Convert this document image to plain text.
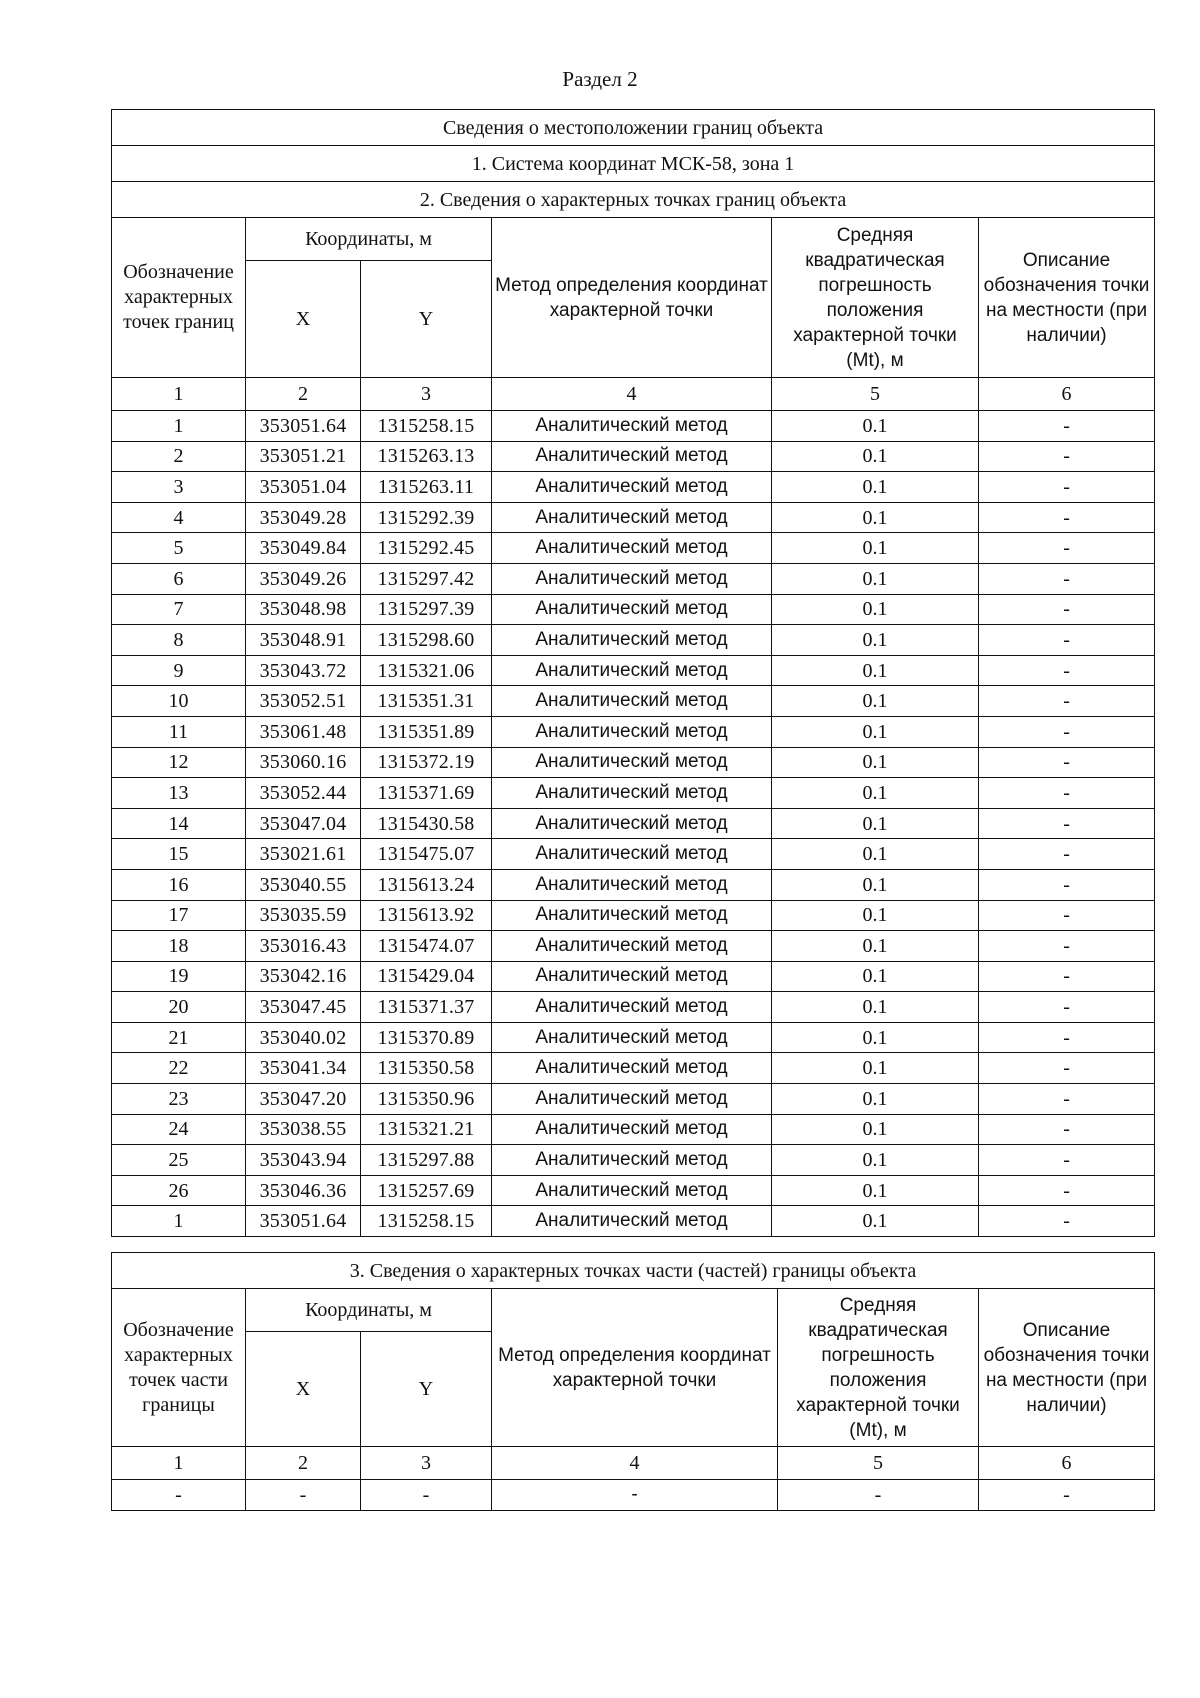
Раздел 2
Сведения о местоположении границ объекта					
1. Система координат МСК-58, зона 1					
2. Сведения о характерных точках границ объекта					
Обозначение характерных точек границ	Координаты, м		Метод определения координат характерной точки	Средняя квадратическая погрешность положения характерной точки (Mt), м	Описание обозначения точки на местности (при наличии)
	X	Y			
1	2	3	4	5	6
1	353051.64	1315258.15	Аналитический метод	0.1	-
2	353051.21	1315263.13	Аналитический метод	0.1	-
3	353051.04	1315263.11	Аналитический метод	0.1	-
4	353049.28	1315292.39	Аналитический метод	0.1	-
5	353049.84	1315292.45	Аналитический метод	0.1	-
6	353049.26	1315297.42	Аналитический метод	0.1	-
7	353048.98	1315297.39	Аналитический метод	0.1	-
8	353048.91	1315298.60	Аналитический метод	0.1	-
9	353043.72	1315321.06	Аналитический метод	0.1	-
10	353052.51	1315351.31	Аналитический метод	0.1	-
11	353061.48	1315351.89	Аналитический метод	0.1	-
12	353060.16	1315372.19	Аналитический метод	0.1	-
13	353052.44	1315371.69	Аналитический метод	0.1	-
14	353047.04	1315430.58	Аналитический метод	0.1	-
15	353021.61	1315475.07	Аналитический метод	0.1	-
16	353040.55	1315613.24	Аналитический метод	0.1	-
17	353035.59	1315613.92	Аналитический метод	0.1	-
18	353016.43	1315474.07	Аналитический метод	0.1	-
19	353042.16	1315429.04	Аналитический метод	0.1	-
20	353047.45	1315371.37	Аналитический метод	0.1	-
21	353040.02	1315370.89	Аналитический метод	0.1	-
22	353041.34	1315350.58	Аналитический метод	0.1	-
23	353047.20	1315350.96	Аналитический метод	0.1	-
24	353038.55	1315321.21	Аналитический метод	0.1	-
25	353043.94	1315297.88	Аналитический метод	0.1	-
26	353046.36	1315257.69	Аналитический метод	0.1	-
1	353051.64	1315258.15	Аналитический метод	0.1	-
3. Сведения о характерных точках части (частей) границы объекта					
Обозначение характерных точек части границы	Координаты, м		Метод определения координат характерной точки	Средняя квадратическая погрешность положения характерной точки (Mt), м	Описание обозначения точки на местности (при наличии)
	X	Y			
1	2	3	4	5	6
-	-	-	-	-	-
